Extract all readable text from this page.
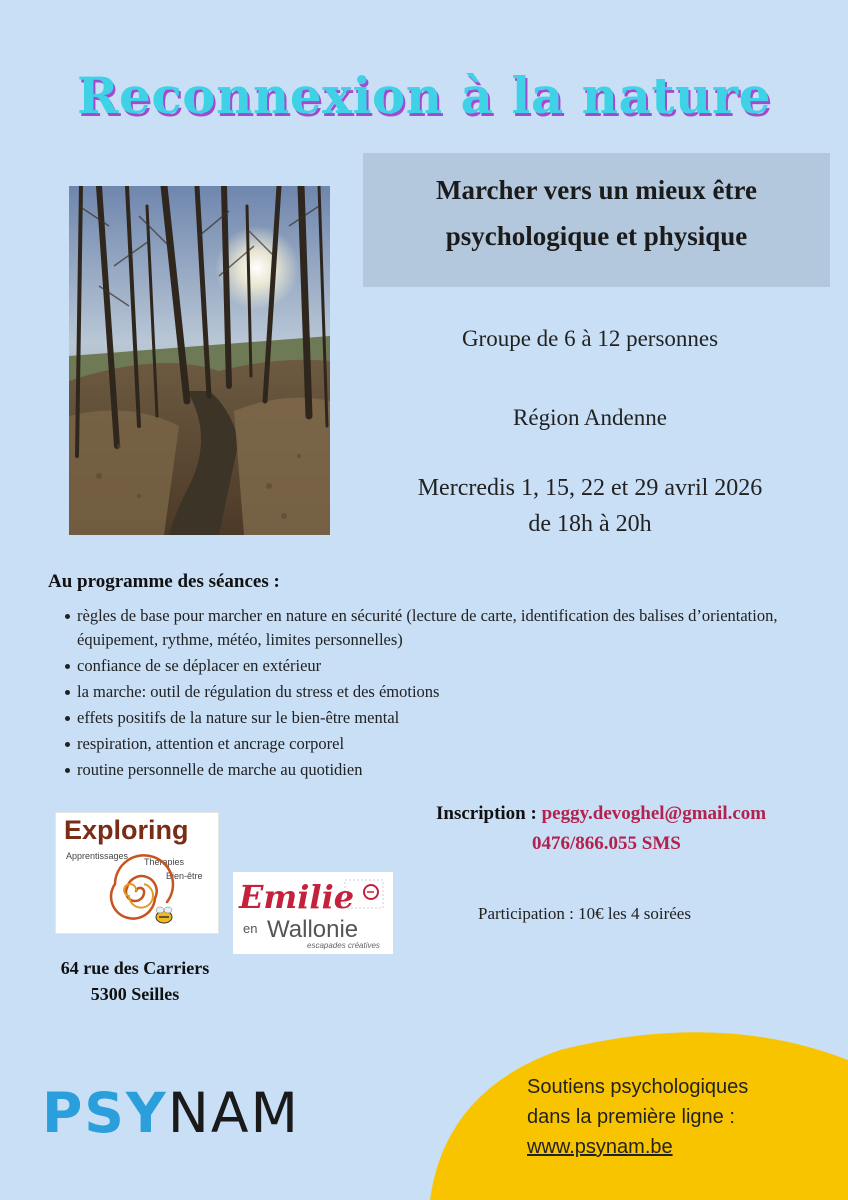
Reconnexion à la nature
Marcher vers un mieux être
psychologique et physique
Groupe de 6 à 12 personnes
Région Andenne
Mercredis 1, 15, 22 et 29 avril 2026
de 18h à 20h
Au programme des séances :
règles de base pour marcher en nature en sécurité (lecture de carte, identification des balises d’orientation, équipement, rythme, météo, limites personnelles)
confiance de se déplacer en extérieur
la marche: outil de régulation du stress et des émotions
effets positifs de la nature sur le bien-être mental
respiration, attention et ancrage corporel
routine personnelle de marche au quotidien
Exploring
Apprentissages
Thérapies
Bien-être
Emilie
en Wallonie
escapades créatives
64 rue des Carriers
5300 Seilles
Inscription : peggy.devoghel@gmail.com
0476/866.055 SMS
Participation : 10€ les 4 soirées
PSYNAM	Soutiens psychologiques
dans la première ligne :
www.psynam.be
